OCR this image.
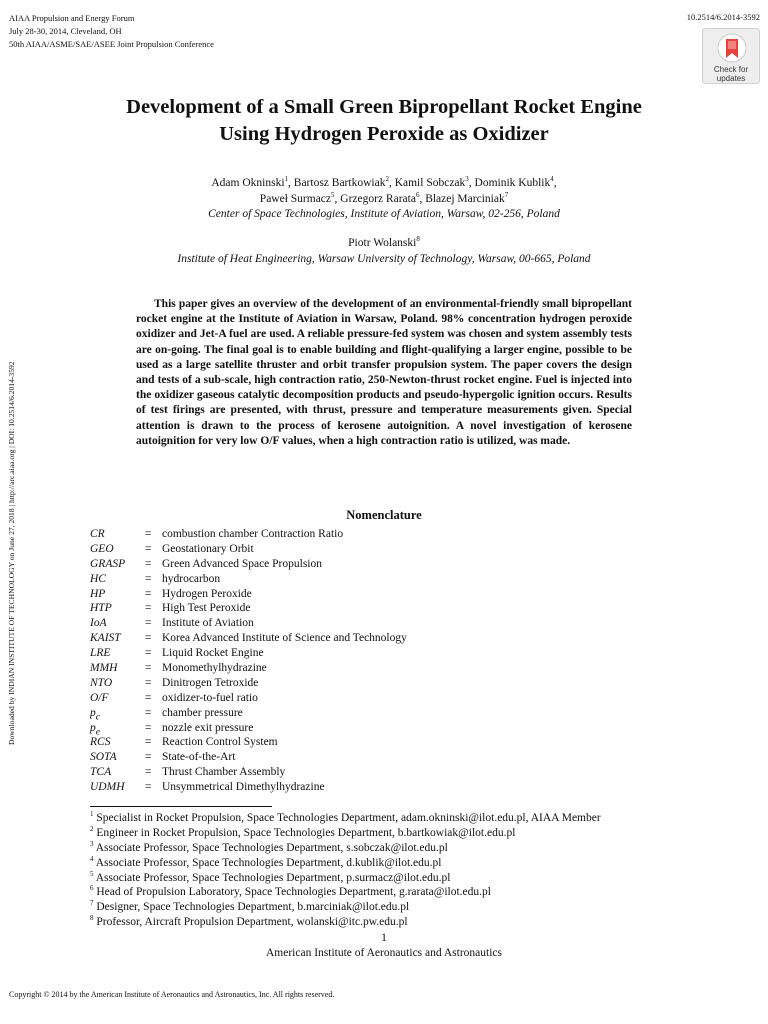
AIAA Propulsion and Energy Forum
July 28-30, 2014, Cleveland, OH
50th AIAA/ASME/SAE/ASEE Joint Propulsion Conference
10.2514/6.2014-3592
Check for
updates
Downloaded by INDIAN INSTITUTE OF TECHNOLOGY on June 27, 2018 | http://arc.aiaa.org | DOI: 10.2514/6.2014-3592
Development of a Small Green Bipropellant Rocket Engine
Using Hydrogen Peroxide as Oxidizer
Adam Okninski$^1$, Bartosz Bartkowiak$^2$, Kamil Sobczak$^3$, Dominik Kublik$^4$,
Paweł Surmacz$^5$, Grzegorz Rarata$^6$, Blazej Marciniak$^7$
Center of Space Technologies, Institute of Aviation, Warsaw, 02-256, Poland
Piotr Wolanski$^8$
Institute of Heat Engineering, Warsaw University of Technology, Warsaw, 00-665, Poland

This paper gives an overview of the development of an environmental-friendly small bipropellant rocket engine at the Institute of Aviation in Warsaw, Poland. 98% concentration hydrogen peroxide oxidizer and Jet-A fuel are used. A reliable pressure-fed system was chosen and system assembly tests are on-going. The final goal is to enable building and flight-qualifying a larger engine, possible to be used as a large satellite thruster and orbit transfer propulsion system. The paper covers the design and tests of a sub-scale, high contraction ratio, 250-Newton-thrust rocket engine. Fuel is injected into the oxidizer gaseous catalytic decomposition products and pseudo-hypergolic ignition occurs. Results of test firings are presented, with thrust, pressure and temperature measurements given. Special attention is drawn to the process of kerosene autoignition. A novel investigation of kerosene autoignition for very low O/F values, when a high contraction ratio is utilized, was made.

Nomenclature
CR	= combustion chamber Contraction Ratio
GEO	= Geostationary Orbit
GRASP = Green Advanced Space Propulsion
HC	= hydrocarbon
HP	= Hydrogen Peroxide
HTP	= High Test Peroxide
IoA	= Institute of Aviation
KAIST = Korea Advanced Institute of Science and Technology
LRE	= Liquid Rocket Engine
MMH = Monomethylhydrazine
NTO	= Dinitrogen Tetroxide
O/F	= oxidizer-to-fuel ratio
$p_c$	= chamber pressure
$p_e$	= nozzle exit pressure
RCS	= Reaction Control System
SOTA = State-of-the-Art
TCA	= Thrust Chamber Assembly
UDMH = Unsymmetrical Dimethylhydrazine
$^1$ Specialist in Rocket Propulsion, Space Technologies Department, adam.okninski@ilot.edu.pl, AIAA Member
$^2$ Engineer in Rocket Propulsion, Space Technologies Department, b.bartkowiak@ilot.edu.pl
$^3$ Associate Professor, Space Technologies Department, s.sobczak@ilot.edu.pl
$^4$ Associate Professor, Space Technologies Department, d.kublik@ilot.edu.pl
$^5$ Associate Professor, Space Technologies Department, p.surmacz@ilot.edu.pl
$^6$ Head of Propulsion Laboratory, Space Technologies Department, g.rarata@ilot.edu.pl
$^7$ Designer, Space Technologies Department, b.marciniak@ilot.edu.pl
$^8$ Professor, Aircraft Propulsion Department, wolanski@itc.pw.edu.pl
1
American Institute of Aeronautics and Astronautics
Copyright © 2014 by the American Institute of Aeronautics and Astronautics, Inc. All rights reserved.
